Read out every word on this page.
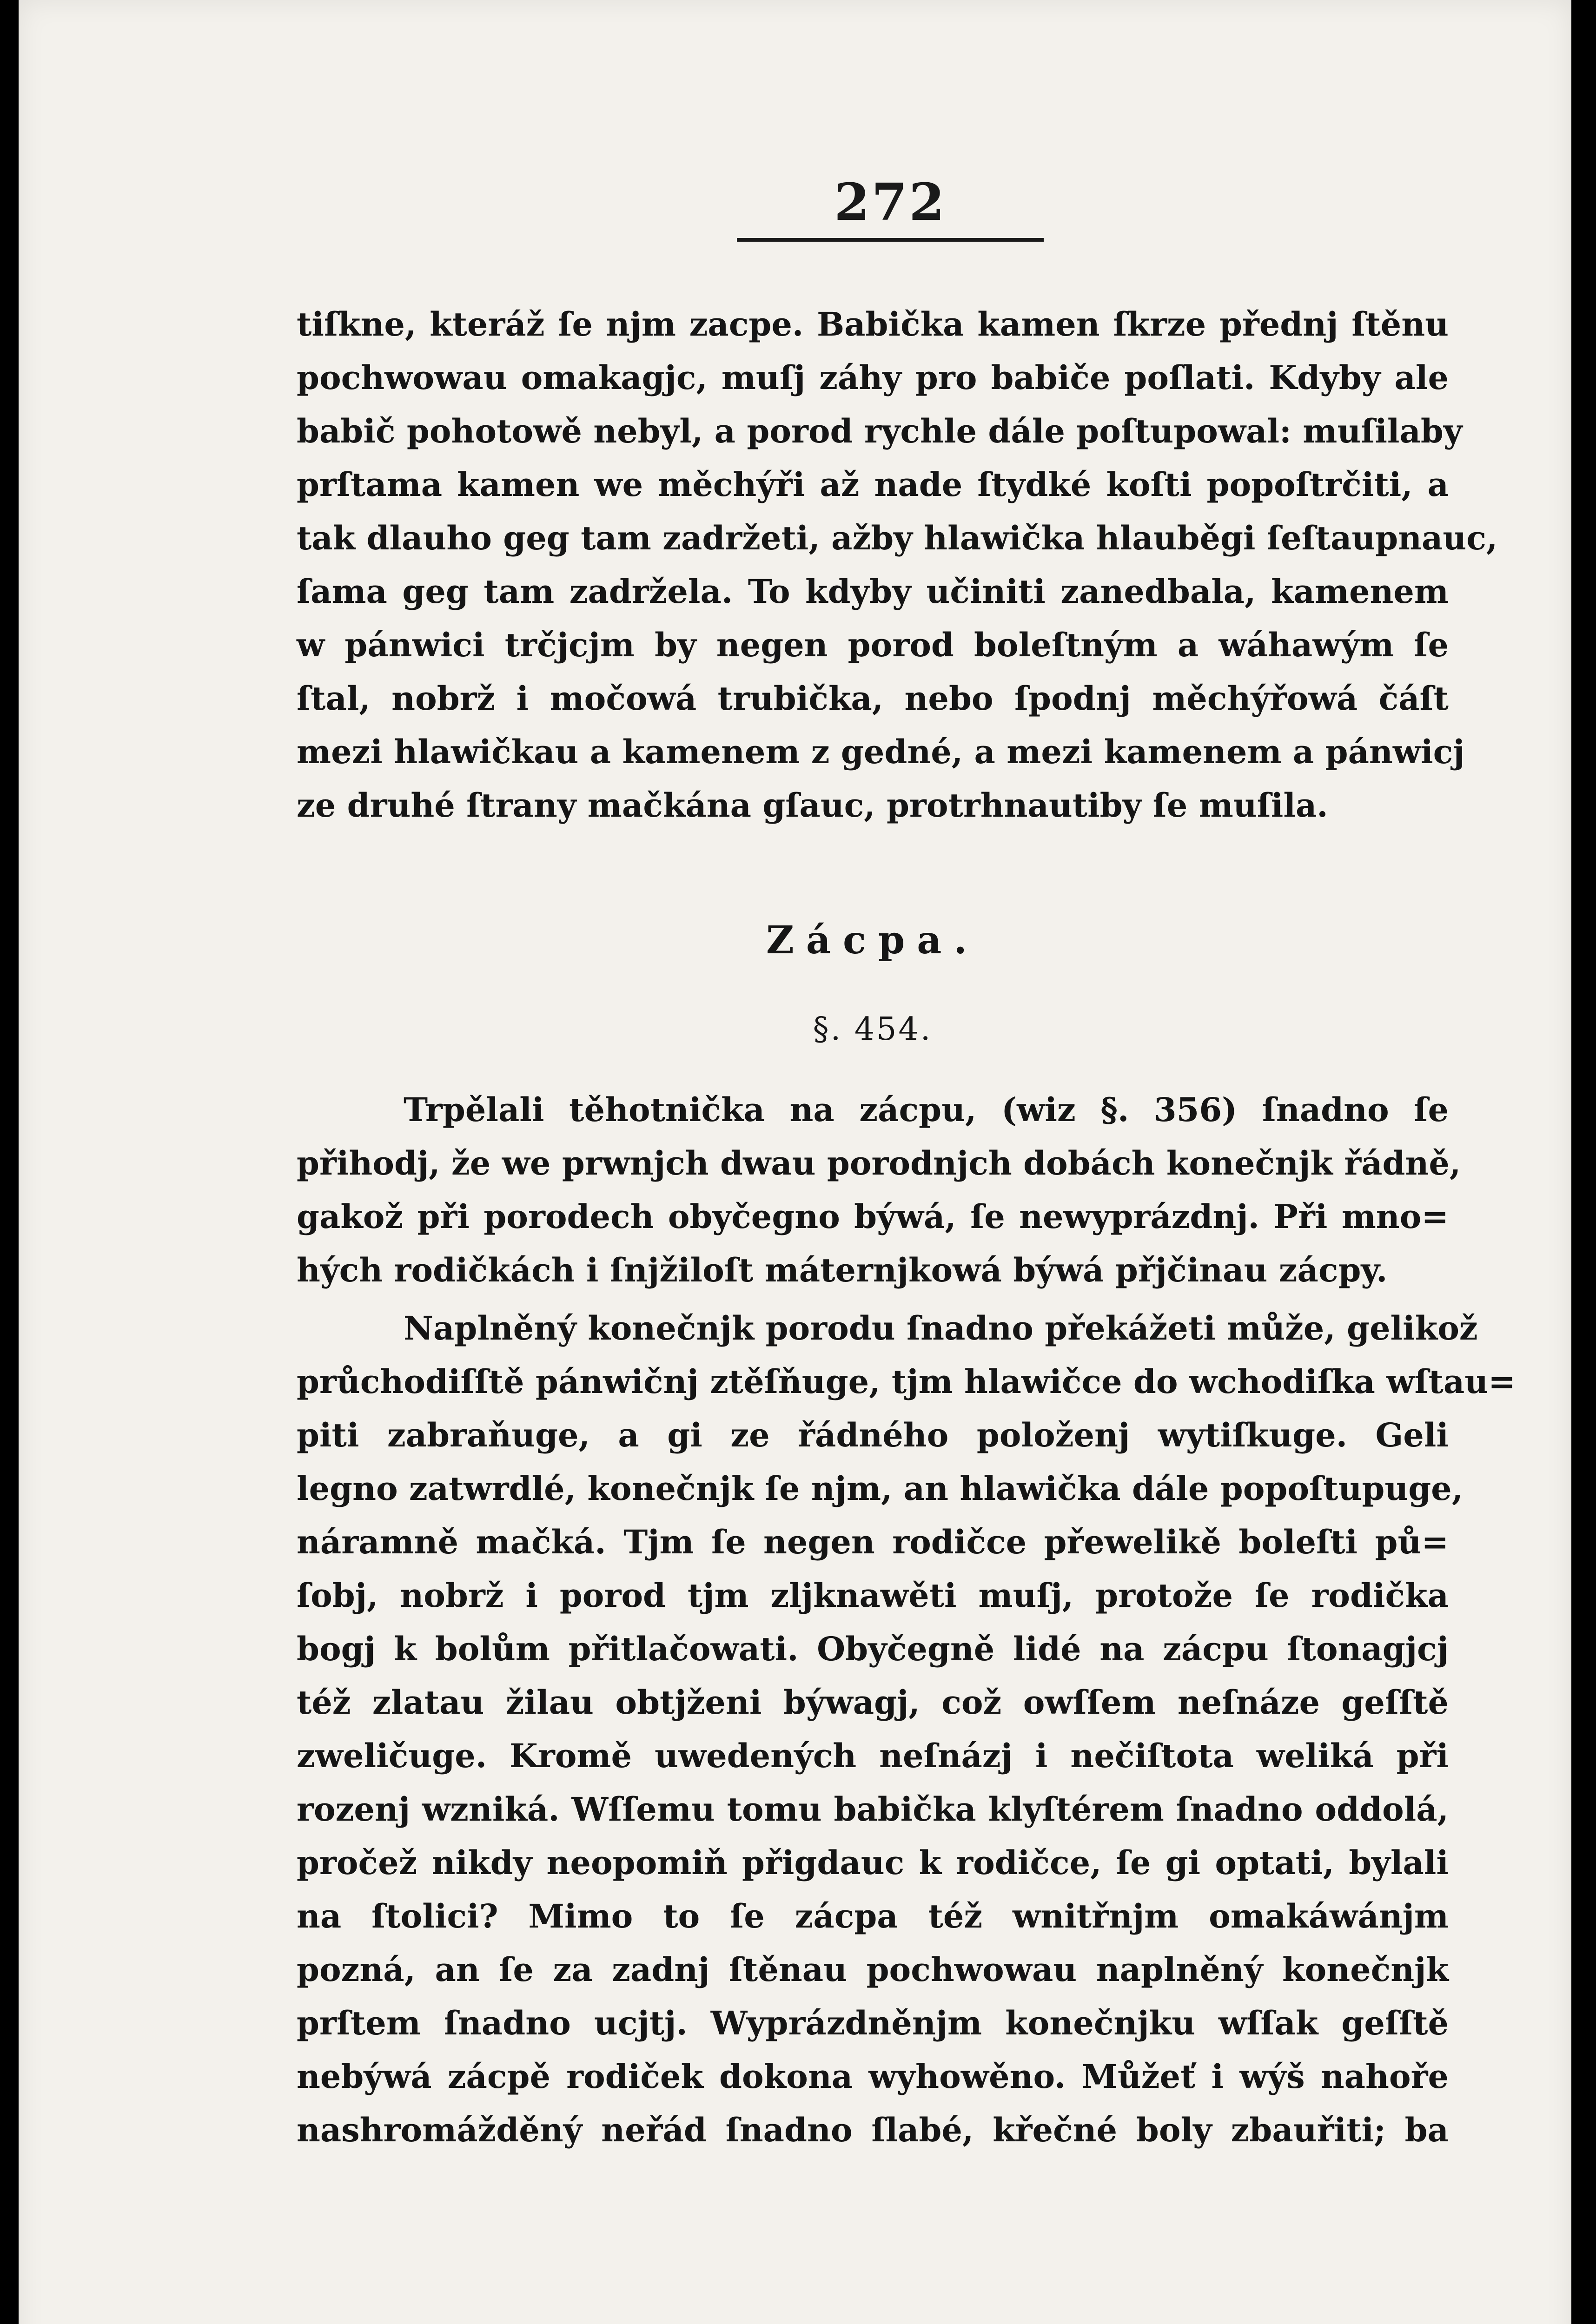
272
tiſkne, kteráž ſe njm zacpe. Babička kamen ſkrze přednj ſtěnu
pochwowau omakagjc, muſj záhy pro babiče poſlati. Kdyby ale
babič pohotowě nebyl, a porod rychle dále poſtupowal: muſilaby
prſtama kamen we měchýři až nade ſtydké koſti popoſtrčiti, a
tak dlauho geg tam zadržeti, ažby hlawička hlauběgi ſeſtaupnauc,
ſama geg tam zadržela. To kdyby učiniti zanedbala, kamenem
w pánwici trčjcjm by negen porod boleſtným a wáhawým ſe
ſtal, nobrž i močowá trubička, nebo ſpodnj měchýřowá čáſt
mezi hlawičkau a kamenem z gedné, a mezi kamenem a pánwicj
ze druhé ſtrany mačkána gſauc, protrhnautiby ſe muſila.
Zácpa.
§. 454.
Trpělali těhotnička na zácpu, (wiz §. 356) ſnadno ſe
přihodj, že we prwnjch dwau porodnjch dobách konečnjk řádně,
gakož při porodech obyčegno býwá, ſe newyprázdnj. Při mno=
hých rodičkách i ſnjžiloſt máternjkowá býwá přjčinau zácpy.
Naplněný konečnjk porodu ſnadno překážeti může, gelikož
průchodiſſtě pánwičnj ztěſňuge, tjm hlawičce do wchodiſka wſtau=
piti zabraňuge, a gi ze řádného položenj wytiſkuge. Geli
legno zatwrdlé, konečnjk ſe njm, an hlawička dále popoſtupuge,
náramně mačká. Tjm ſe negen rodičce přewelikě boleſti pů=
ſobj, nobrž i porod tjm zljknawěti muſj, protože ſe rodička
bogj k bolům přitlačowati. Obyčegně lidé na zácpu ſtonagjcj
též zlatau žilau obtjženi býwagj, což owſſem neſnáze geſſtě
zweličuge. Kromě uwedených neſnázj i nečiſtota weliká při
rozenj wzniká. Wſſemu tomu babička klyſtérem ſnadno oddolá,
pročež nikdy neopomiň přigdauc k rodičce, ſe gi optati, bylali
na ſtolici? Mimo to ſe zácpa též wnitřnjm omakáwánjm
pozná, an ſe za zadnj ſtěnau pochwowau naplněný konečnjk
prſtem ſnadno ucjtj. Wyprázdněnjm konečnjku wſſak geſſtě
nebýwá zácpě rodiček dokona wyhowěno. Můžeť i wýš nahoře
nashromážděný neřád ſnadno ſlabé, křečné boly zbauřiti; ba
